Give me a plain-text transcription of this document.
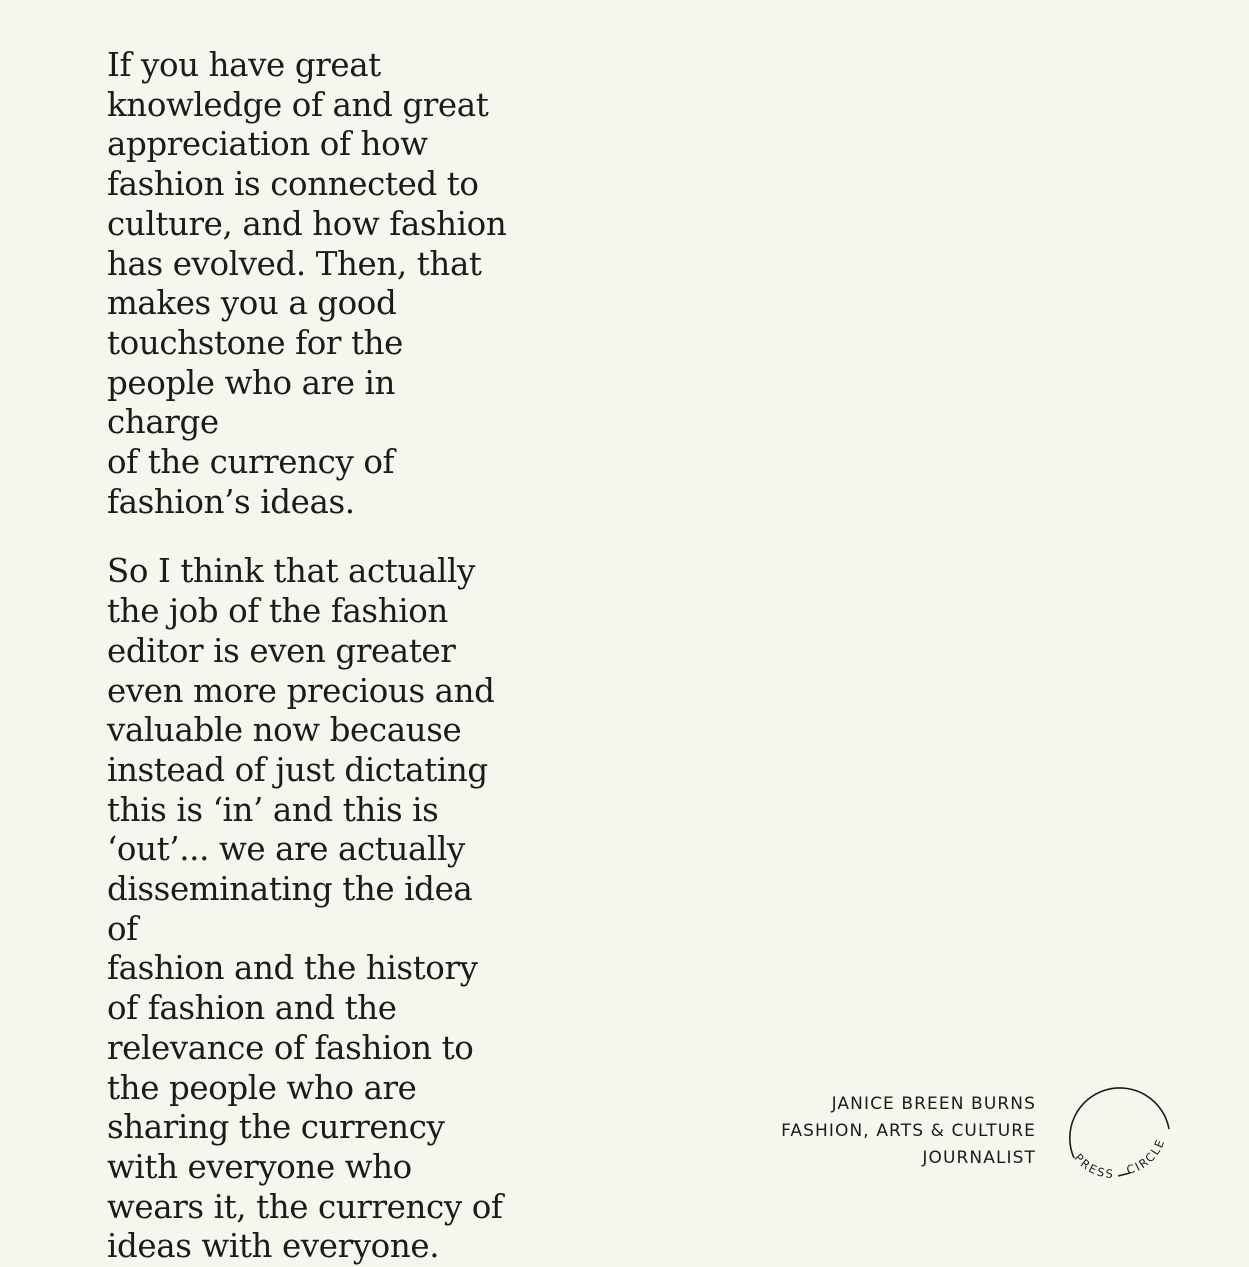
If you have great
knowledge of and great
appreciation of how
fashion is connected to
culture, and how fashion
has evolved. Then, that
makes you a good
touchstone for the
people who are in charge
of the currency of
fashion’s ideas.
So I think that actually
the job of the fashion
editor is even greater
even more precious and
valuable now because
instead of just dictating
this is ‘in’ and this is
‘out’... we are actually
disseminating the idea of
fashion and the history
of fashion and the
relevance of fashion to
the people who are
sharing the currency
with everyone who
wears it, the currency of
ideas with everyone.
JANICE BREEN BURNS
FASHION, ARTS & CULTURE
JOURNALIST	PRESS CIRCLE
